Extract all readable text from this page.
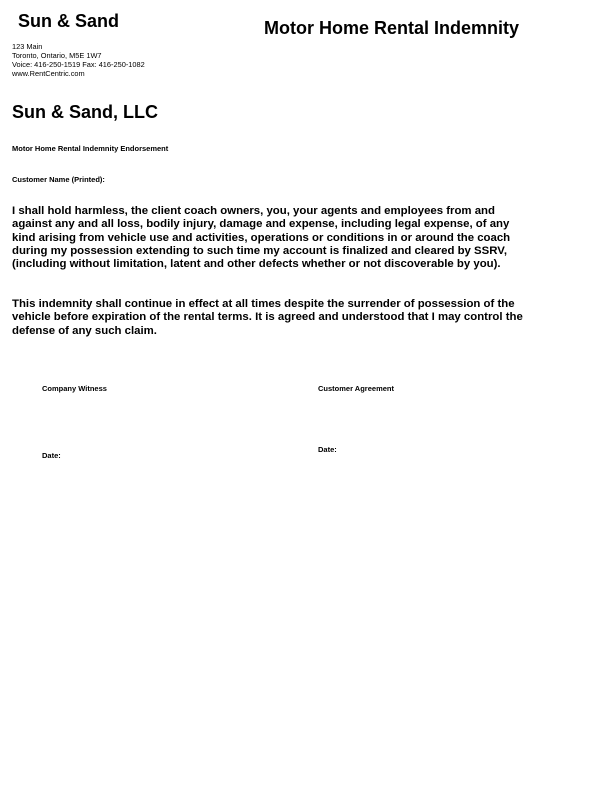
Sun & Sand	Motor Home Rental Indemnity
123 Main
Toronto, Ontario, M5E 1W7
Voice: 416-250-1519 Fax: 416-250-1082
www.RentCentric.com
Sun & Sand, LLC
Motor Home Rental Indemnity Endorsement
Customer Name (Printed):

I shall hold harmless, the client coach owners, you, your agents and employees from and against any and all loss, bodily injury, damage and expense, including legal expense, of any kind arising from vehicle use and activities, operations or conditions in or around the coach during my possession extending to such time my account is finalized and cleared by SSRV, (including without limitation, latent and other defects whether or not discoverable by you).

This indemnity shall continue in effect at all times despite the surrender of possession of the vehicle before expiration of the rental terms. It is agreed and understood that I may control the defense of any such claim.

Company Witness	Customer Agreement
Date:
Date:
